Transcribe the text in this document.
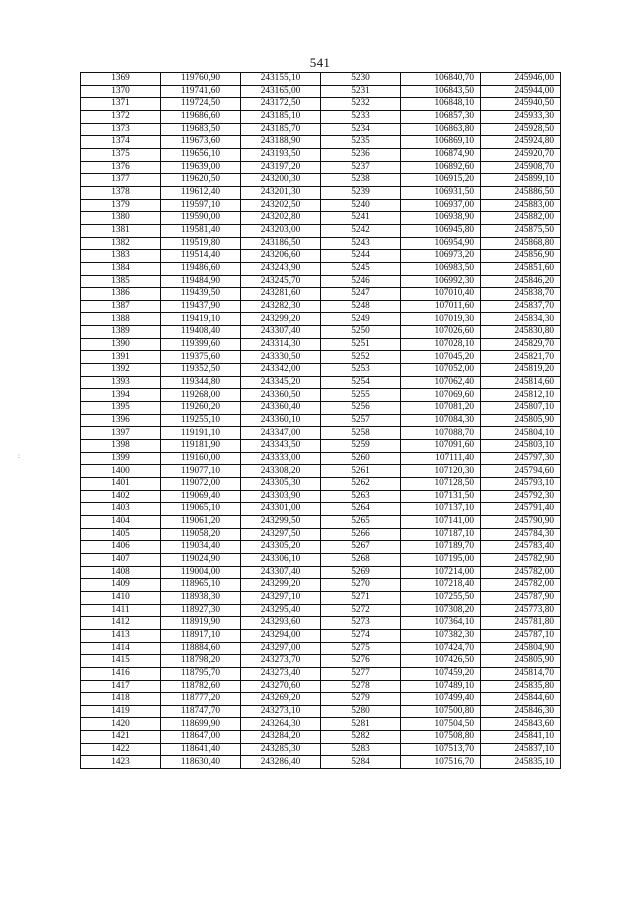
541
:
1369	119760,90	243155,10	5230	106840,70	245946,00
1370	119741,60	243165,00	5231	106843,50	245944,00
1371	119724,50	243172,50	5232	106848,10	245940,50
1372	119686,60	243185,10	5233	106857,30	245933,30
1373	119683,50	243185,70	5234	106863,80	245928,50
1374	119673,60	243188,90	5235	106869,10	245924,80
1375	119656,10	243193,50	5236	106874,90	245920,70
1376	119639,00	243197,20	5237	106892,60	245908,70
1377	119620,50	243200,30	5238	106915,20	245899,10
1378	119612,40	243201,30	5239	106931,50	245886,50
1379	119597,10	243202,50	5240	106937,00	245883,00
1380	119590,00	243202,80	5241	106938,90	245882,00
1381	119581,40	243203,00	5242	106945,80	245875,50
1382	119519,80	243186,50	5243	106954,90	245868,80
1383	119514,40	243206,60	5244	106973,20	245856,90
1384	119486,60	243243,90	5245	106983,50	245851,60
1385	119484,90	243245,70	5246	106992,30	245846,20
1386	119439,50	243281,60	5247	107010,40	245838,70
1387	119437,90	243282,30	5248	107011,60	245837,70
1388	119419,10	243299,20	5249	107019,30	245834,30
1389	119408,40	243307,40	5250	107026,60	245830,80
1390	119399,60	243314,30	5251	107028,10	245829,70
1391	119375,60	243330,50	5252	107045,20	245821,70
1392	119352,50	243342,00	5253	107052,00	245819,20
1393	119344,80	243345,20	5254	107062,40	245814,60
1394	119268,00	243360,50	5255	107069,60	245812,10
1395	119260,20	243360,40	5256	107081,20	245807,10
1396	119255,10	243360,10	5257	107084,30	245805,90
1397	119191,10	243347,00	5258	107088,70	245804,10
1398	119181,90	243343,50	5259	107091,60	245803,10
1399	119160,00	243333,00	5260	107111,40	245797,30
1400	119077,10	243308,20	5261	107120,30	245794,60
1401	119072,00	243305,30	5262	107128,50	245793,10
1402	119069,40	243303,90	5263	107131,50	245792,30
1403	119065,10	243301,00	5264	107137,10	245791,40
1404	119061,20	243299,50	5265	107141,00	245790,90
1405	119058,20	243297,50	5266	107187,10	245784,30
1406	119034,40	243305,20	5267	107189,70	245783,40
1407	119024,90	243306,10	5268	107195,00	245782,90
1408	119004,00	243307,40	5269	107214,00	245782,00
1409	118965,10	243299,20	5270	107218,40	245782,00
1410	118938,30	243297,10	5271	107255,50	245787,90
1411	118927,30	243295,40	5272	107308,20	245773,80
1412	118919,90	243293,60	5273	107364,10	245781,80
1413	118917,10	243294,00	5274	107382,30	245787,10
1414	118884,60	243297,00	5275	107424,70	245804,90
1415	118798,20	243273,70	5276	107426,50	245805,90
1416	118795,70	243273,40	5277	107459,20	245814,70
1417	118782,60	243270,60	5278	107489,10	245835,80
1418	118777,20	243269,20	5279	107499,40	245844,60
1419	118747,70	243273,10	5280	107500,80	245846,30
1420	118699,90	243264,30	5281	107504,50	245843,60
1421	118647,00	243284,20	5282	107508,80	245841,10
1422	118641,40	243285,30	5283	107513,70	245837,10
1423	118630,40	243286,40	5284	107516,70	245835,10
